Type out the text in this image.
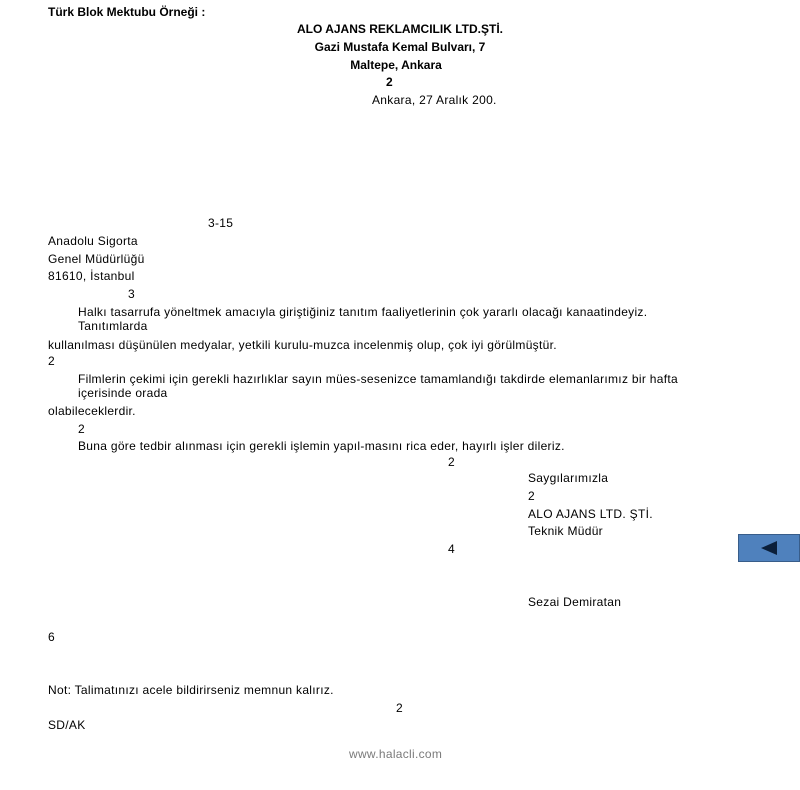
Türk Blok Mektubu Örneği :
ALO AJANS REKLAMCILIK LTD.ŞTİ.
Gazi Mustafa Kemal Bulvarı, 7
Maltepe, Ankara
2
Ankara, 27 Aralık 200.
3-15
Anadolu Sigorta
Genel Müdürlüğü
81610, İstanbul
3
Halkı tasarrufa yöneltmek amacıyla giriştiğiniz tanıtım faaliyetlerinin çok yararlı olacağı kanaatindeyiz. Tanıtımlarda
kullanılması düşünülen medyalar, yetkili kurulu-muzca incelenmiş olup, çok iyi görülmüştür.
2
Filmlerin çekimi için gerekli hazırlıklar sayın mües-sesenizce tamamlandığı takdirde elemanlarımız bir hafta içerisinde orada
olabileceklerdir.
2
Buna göre tedbir alınması için gerekli işlemin yapıl-masını rica eder, hayırlı işler dileriz.
2
Saygılarımızla
2
ALO AJANS LTD. ŞTİ.
Teknik Müdür
4
Sezai Demiratan
6
Not: Talimatınızı acele bildirirseniz memnun kalırız.
2
SD/AK
www.halacli.com
